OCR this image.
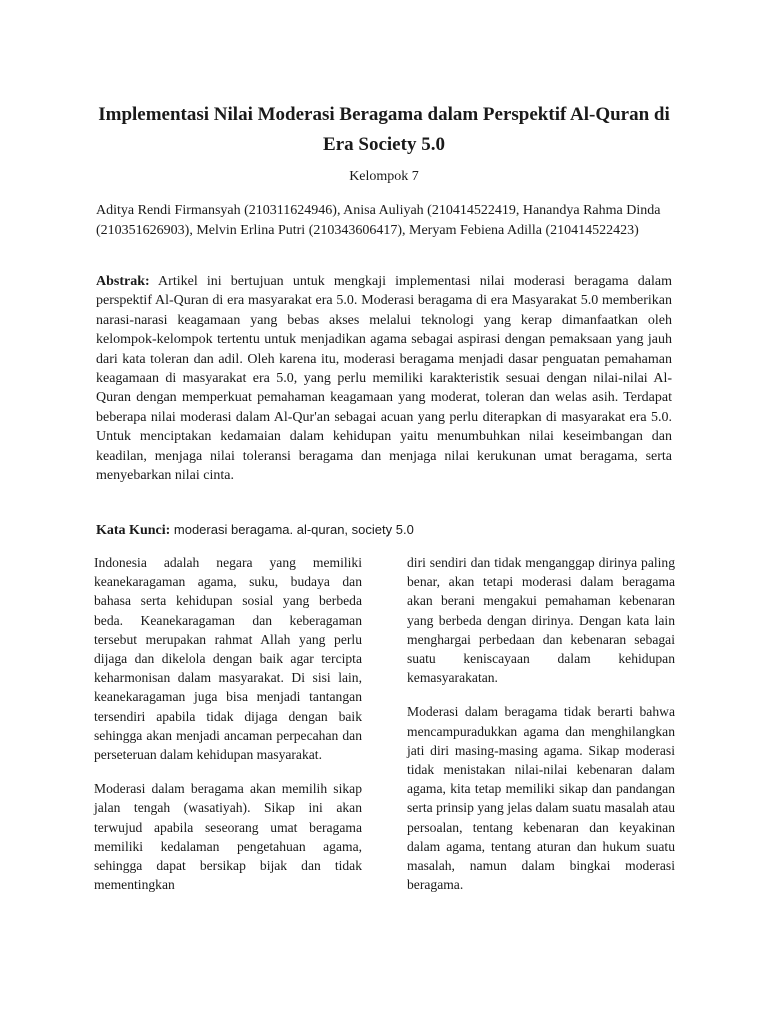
Implementasi Nilai Moderasi Beragama dalam Perspektif Al-Quran di Era Society 5.0
Kelompok 7
Aditya Rendi Firmansyah (210311624946), Anisa Auliyah (210414522419, Hanandya Rahma Dinda (210351626903), Melvin Erlina Putri (210343606417), Meryam Febiena Adilla (210414522423)

Abstrak: Artikel ini bertujuan untuk mengkaji implementasi nilai moderasi beragama dalam perspektif Al-Quran di era masyarakat era 5.0. Moderasi beragama di era Masyarakat 5.0 memberikan narasi-narasi keagamaan yang bebas akses melalui teknologi yang kerap dimanfaatkan oleh kelompok-kelompok tertentu untuk menjadikan agama sebagai aspirasi dengan pemaksaan yang jauh dari kata toleran dan adil. Oleh karena itu, moderasi beragama menjadi dasar penguatan pemahaman keagamaan di masyarakat era 5.0, yang perlu memiliki karakteristik sesuai dengan nilai-nilai Al-Quran dengan memperkuat pemahaman keagamaan yang moderat, toleran dan welas asih. Terdapat beberapa nilai moderasi dalam Al-Qur'an sebagai acuan yang perlu diterapkan di masyarakat era 5.0. Untuk menciptakan kedamaian dalam kehidupan yaitu menumbuhkan nilai keseimbangan dan keadilan, menjaga nilai toleransi beragama dan menjaga nilai kerukunan umat beragama, serta menyebarkan nilai cinta.

Kata Kunci: moderasi beragama. al-quran, society 5.0

Indonesia adalah negara yang memiliki keanekaragaman agama, suku, budaya dan bahasa serta kehidupan sosial yang berbeda beda. Keanekaragaman dan keberagaman tersebut merupakan rahmat Allah yang perlu dijaga dan dikelola dengan baik agar tercipta keharmonisan dalam masyarakat. Di sisi lain, keanekaragaman juga bisa menjadi tantangan tersendiri apabila tidak dijaga dengan baik sehingga akan menjadi ancaman perpecahan dan perseteruan dalam kehidupan masyarakat.

Moderasi dalam beragama akan memilih sikap jalan tengah (wasatiyah). Sikap ini akan terwujud apabila seseorang umat beragama memiliki kedalaman pengetahuan agama, sehingga dapat bersikap bijak dan tidak mementingkan

diri sendiri dan tidak menganggap dirinya paling benar, akan tetapi moderasi dalam beragama akan berani mengakui pemahaman kebenaran yang berbeda dengan dirinya. Dengan kata lain menghargai perbedaan dan kebenaran sebagai suatu keniscayaan dalam kehidupan kemasyarakatan.

Moderasi dalam beragama tidak berarti bahwa mencampuradukkan agama dan menghilangkan jati diri masing-masing agama. Sikap moderasi tidak menistakan nilai-nilai kebenaran dalam agama, kita tetap memiliki sikap dan pandangan serta prinsip yang jelas dalam suatu masalah atau persoalan, tentang kebenaran dan keyakinan dalam agama, tentang aturan dan hukum suatu masalah, namun dalam bingkai moderasi beragama.
